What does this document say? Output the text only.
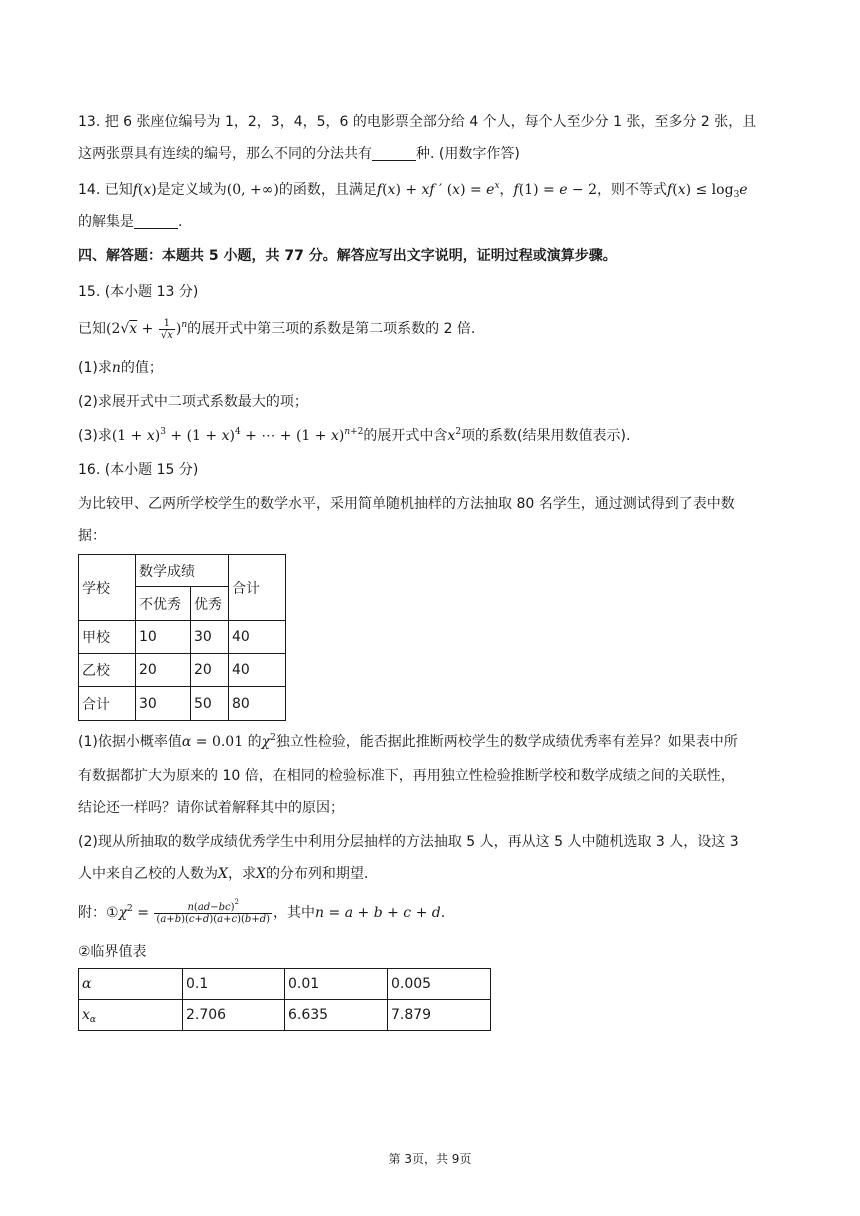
13. 把 6 张座位编号为 1，2，3，4，5，6 的电影票全部分给 4 个人，每个人至少分 1 张，至多分 2 张，且
这两张票具有连续的编号，那么不同的分法共有	种. (用数字作答)
14. 已知f(x)是定义域为(0, +∞)的函数，且满足f(x) + xf ′ $(x) = e^x$，f(1) = e − 2，则不等式$f(x) \le \log_3e$
的解集是	.
四、解答题：本题共 5 小题，共 77 分。解答应写出文字说明，证明过程或演算步骤。
15. (本小题 13 分)
已知$(2√x + \frac{1}{√x} )^n$的展开式中第三项的系数是第二项系数的 2 倍.
(1)求n的值；
(2)求展开式中二项式系数最大的项；
(3)求$(1 + x)^3 + (1 + x)^4$ + ⋯ + $(1 + x)^{n+2}$的展开式中含$x^2$项的系数(结果用数值表示).
16. (本小题 15 分)
为比较甲、乙两所学校学生的数学水平，采用简单随机抽样的方法抽取 80 名学生，通过测试得到了表中数
据：
学校	数学成绩		合计
	不优秀	优秀	
甲校	10	30	40
乙校	20	20	40
合计	30	50	80
(1)依据小概率值α = 0.01 的$\chi^2$独立性检验，能否据此推断两校学生的数学成绩优秀率有差异？如果表中所
有数据都扩大为原来的 10 倍，在相同的检验标准下，再用独立性检验推断学校和数学成绩之间的关联性，
结论还一样吗？请你试着解释其中的原因；
(2)现从所抽取的数学成绩优秀学生中利用分层抽样的方法抽取 5 人，再从这 5 人中随机选取 3 人，设这 3
人中来自乙校的人数为X，求X的分布列和期望.
附：$①\chi^2 = \frac{n(ad-bc)^2}{(a+b)(c+d)(a+c)(b+d)}$ ，其中n = a + b + c + d.
②临界值表
α	0.1	0.01	0.005
$x_\alpha$	2.706	6.635	7.879
第 3页，共 9页
